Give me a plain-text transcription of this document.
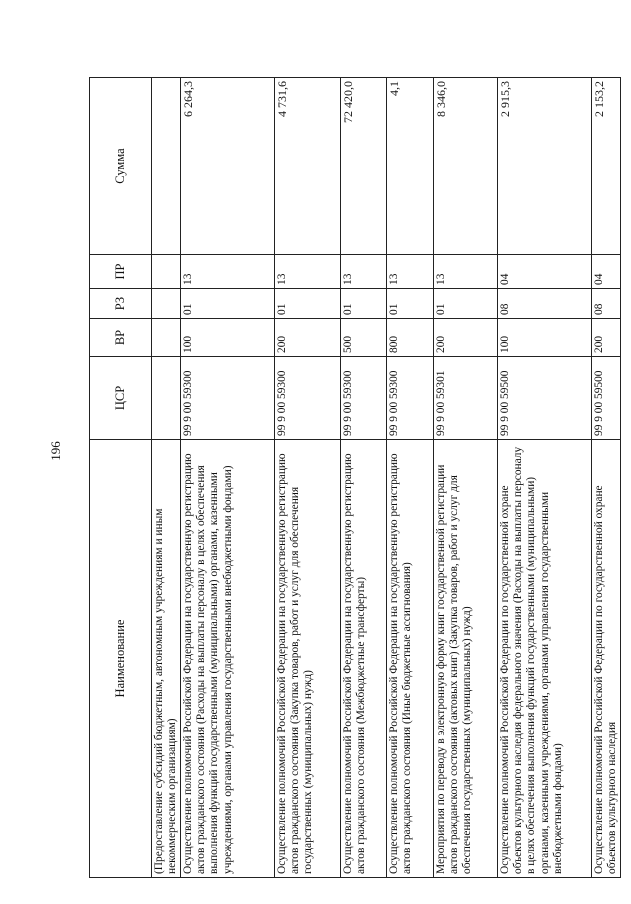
196
Наименование	ЦСР	ВР	РЗ	ПР	Сумма
(Предоставление субсидий бюджетным, автономным учреждениям и иным некоммерческим организациям)					
Осуществление полномочий Российской Федерации на государственную регистрацию актов гражданского состояния (Расходы на выплаты персоналу в целях обеспечения выполнения функций государственными (муниципальными) органами, казенными учреждениями, органами управления государственными внебюджетными фондами)	99 9 00 59300	100	01	13	6 264,3
Осуществление полномочий Российской Федерации на государственную регистрацию актов гражданского состояния (Закупка товаров, работ и услуг для обеспечения государственных (муниципальных) нужд)	99 9 00 59300	200	01	13	4 731,6
Осуществление полномочий Российской Федерации на государственную регистрацию актов гражданского состояния (Межбюджетные трансферты)	99 9 00 59300	500	01	13	72 420,0
Осуществление полномочий Российской Федерации на государственную регистрацию актов гражданского состояния (Иные бюджетные ассигнования)	99 9 00 59300	800	01	13	4,1
Мероприятия по переводу в электронную форму книг государственной регистрации актов гражданского состояния (актовых книг) (Закупка товаров, работ и услуг для обеспечения государственных (муниципальных) нужд)	99 9 00 59301	200	01	13	8 346,0
Осуществление полномочий Российской Федерации по государственной охране объектов культурного наследия федерального значения (Расходы на выплаты персоналу в целях обеспечения выполнения функций государственными (муниципальными) органами, казенными учреждениями, органами управления государственными внебюджетными фондами)	99 9 00 59500	100	08	04	2 915,3
Осуществление полномочий Российской Федерации по государственной охране объектов культурного наследия	99 9 00 59500	200	08	04	2 153,2
